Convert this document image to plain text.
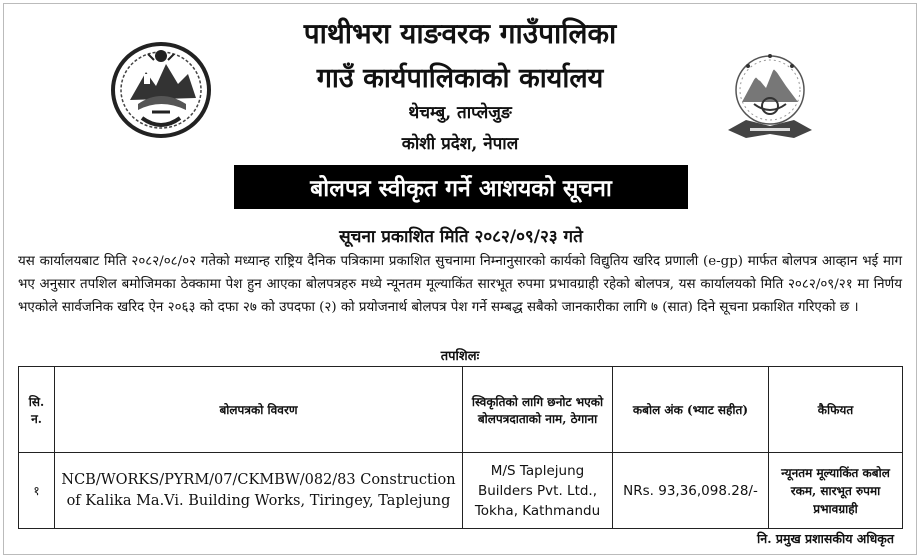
पाथीभरा याङवरक गाउँपालिका
गाउँ कार्यपालिकाको कार्यालय
थेचम्बु, ताप्लेजुङ
कोशी प्रदेश, नेपाल
बोलपत्र स्वीकृत गर्ने आशयको सूचना
सूचना प्रकाशित मिति २०८२/०९/२३ गते
यस कार्यालयबाट मिति २०८२/०८/०२ गतेको मध्यान्ह राष्ट्रिय दैनिक पत्रिकामा प्रकाशित सुचनामा निम्नानुसारको कार्यको विद्युतिय खरिद प्रणाली (e-gp) मार्फत बोलपत्र आव्हान भई माग भए अनुसार तपशिल बमोजिमका ठेक्कामा पेश हुन आएका बोलपत्रहरु मध्ये न्यूनतम मूल्याकिंत सारभूत रुपमा प्रभावग्राही रहेको बोलपत्र, यस कार्यालयको मिति २०८२/०९/२१ मा निर्णय भएकोले सार्वजनिक खरिद ऐन २०६३ को दफा २७ को उपदफा (२) को प्रयोजनार्थ बोलपत्र पेश गर्ने सम्बद्ध सबैको जानकारीका लागि ७ (सात) दिने सूचना प्रकाशित गरिएको छ ।
तपशिलः
सि. न.	बोलपत्रको विवरण	स्विकृतिको लागि छनोट भएको बोलपत्रदाताको नाम, ठेगाना	कबोल अंक (भ्याट सहीत)	कैफियत
१	NCB/WORKS/PYRM/07/CKMBW/082/83 Construction of Kalika Ma.Vi. Building Works, Tiringey, Taplejung	M/S Taplejung Builders Pvt. Ltd., Tokha, Kathmandu	NRs. 93,36,098.28/-	न्यूनतम मूल्याकिंत कबोल रकम, सारभूत रुपमा प्रभावग्राही
नि. प्रमुख प्रशासकीय अधिकृत
